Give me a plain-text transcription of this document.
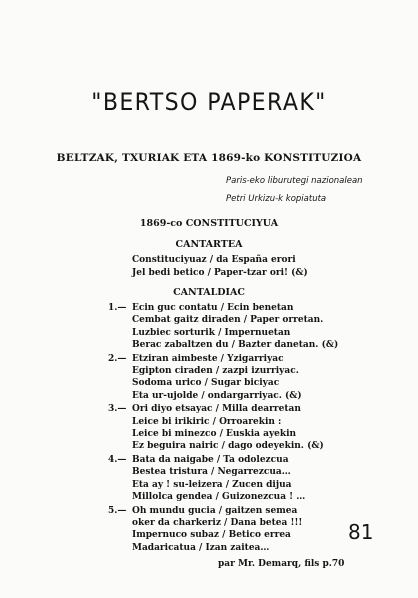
"BERTSO PAPERAK"
BELTZAK, TXURIAK ETA 1869-ko KONSTITUZIOA
Paris-eko liburutegi nazionalean
Petri Urkizu-k kopiatuta
1869-co CONSTITUCIYUA
CANTARTEA
Constituciyuaz / da España erori
Jel bedi betico / Paper-tzar ori! (&)
CANTALDIAC
1.— Ecin guc contatu / Ecin benetan
Cembat gaitz diraden / Paper orretan.
Luzbiec sorturik / Impernuetan
Berac zabaltzen du / Bazter danetan. (&)
2.— Etziran aimbeste / Yzigarriyac
Egipton ciraden / zazpi izurriyac.
Sodoma urico / Sugar biciyac
Eta ur-ujolde / ondargarriyac. (&)
3.— Ori diyo etsayac / Milla dearretan
Leice bi irikiric / Orroarekin :
Leice bi minezco / Euskia ayekin
Ez beguira nairic / dago odeyekin. (&)
4.— Bata da naigabe / Ta odolezcua
Bestea tristura / Negarrezcua…
Eta ay ! su-leizera / Zucen dijua
Millolca gendea / Guizonezcua ! …
5.— Oh mundu gucia / gaitzen semea
oker da charkeriz / Dana betea !!!
Impernuco subaz / Betico errea
Madaricatua / Izan zaitea…
par Mr. Demarq, fils p.70
81
